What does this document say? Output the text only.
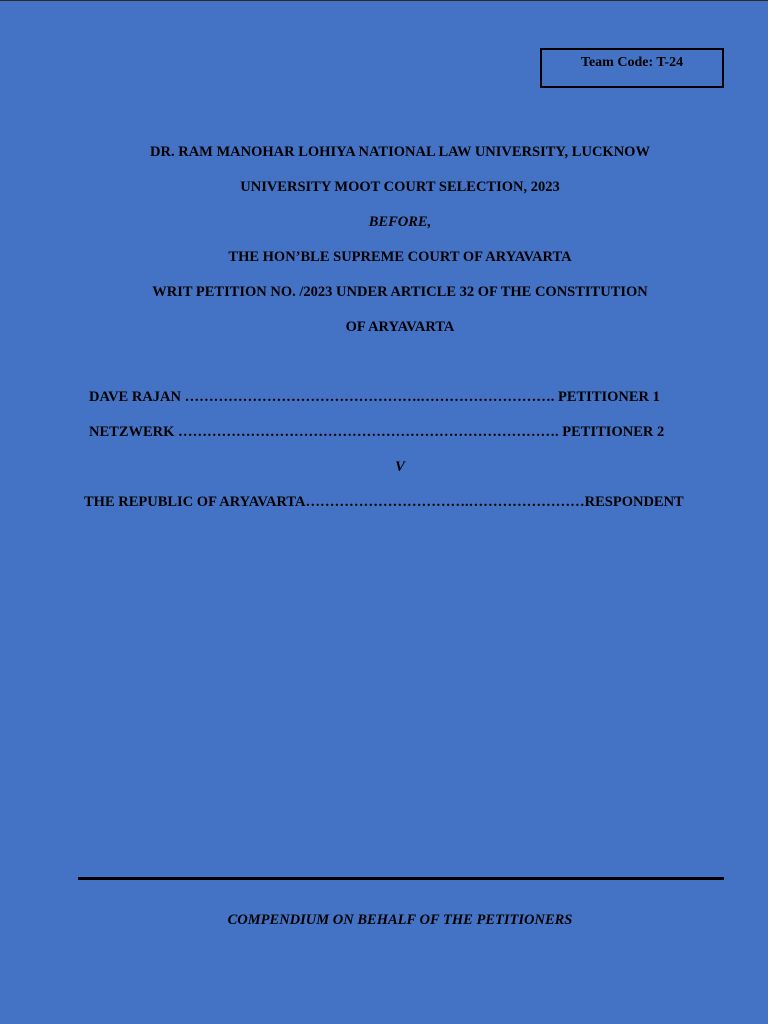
Team Code: T-24
DR. RAM MANOHAR LOHIYA NATIONAL LAW UNIVERSITY, LUCKNOW
UNIVERSITY MOOT COURT SELECTION, 2023
BEFORE,
THE HON’BLE SUPREME COURT OF ARYAVARTA
WRIT PETITION NO. /2023 UNDER ARTICLE 32 OF THE CONSTITUTION
OF ARYAVARTA
DAVE RAJAN ………………………………………….………………………. PETITIONER 1
NETZWERK ……………………………………………………………………. PETITIONER 2
V
THE REPUBLIC OF ARYAVARTA…………………………….……………………RESPONDENT
COMPENDIUM ON BEHALF OF THE PETITIONERS
